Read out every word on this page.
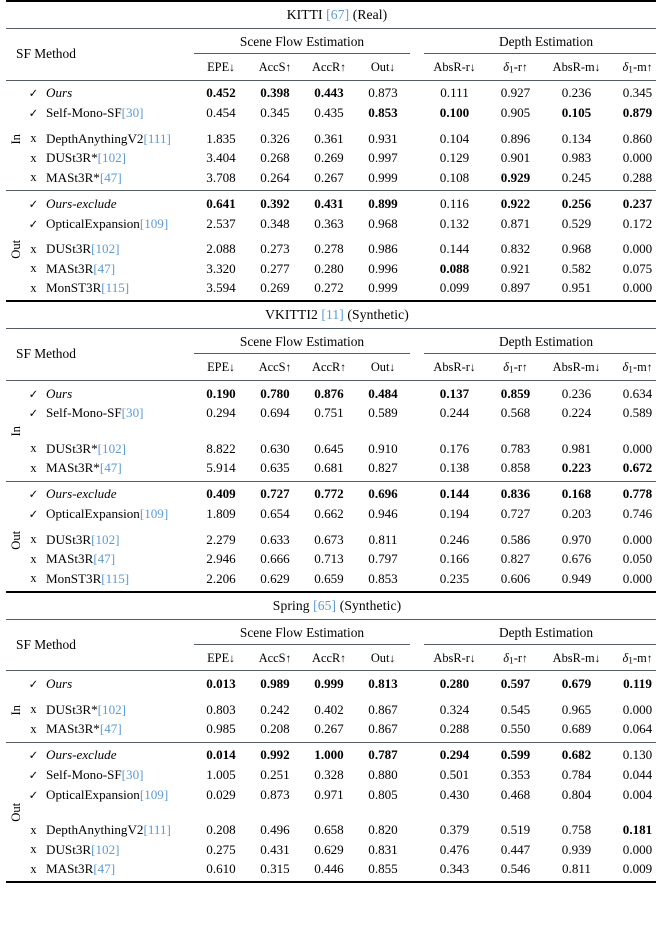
KITTI [67] (Real)											

SF Method			Scene Flow Estimation					Depth Estimation			

			EPE↓	AccS↑	AccR↑	Out↓		AbsR-r↓	δ1-r↑	AbsR-m↓	δ1-m↑

	✓	Ours	0.452	0.398	0.443	0.873		0.111	0.927	0.236	0.345
	✓	Self-Mono-SF[30]	0.454	0.345	0.435	0.853		0.100	0.905	0.105	0.879

In	x	DepthAnythingV2[111]	1.835	0.326	0.361	0.931		0.104	0.896	0.134	0.860
	x	DUSt3R*[102]	3.404	0.268	0.269	0.997		0.129	0.901	0.983	0.000
	x	MASt3R*[47]	3.708	0.264	0.267	0.999		0.108	0.929	0.245	0.288

	✓	Ours-exclude	0.641	0.392	0.431	0.899		0.116	0.922	0.256	0.237
	✓	OpticalExpansion[109]	2.537	0.348	0.363	0.968		0.132	0.871	0.529	0.172

Out	x	DUSt3R[102]	2.088	0.273	0.278	0.986		0.144	0.832	0.968	0.000
	x	MASt3R[47]	3.320	0.277	0.280	0.996		0.088	0.921	0.582	0.075
	x	MonST3R[115]	3.594	0.269	0.272	0.999		0.099	0.897	0.951	0.000

VKITTI2 [11] (Synthetic)											

SF Method			Scene Flow Estimation					Depth Estimation			

			EPE↓	AccS↑	AccR↑	Out↓		AbsR-r↓	δ1-r↑	AbsR-m↓	δ1-m↑

	✓	Ours	0.190	0.780	0.876	0.484		0.137	0.859	0.236	0.634
	✓	Self-Mono-SF[30]	0.294	0.694	0.751	0.589		0.244	0.568	0.224	0.589
In											
	x	DUSt3R*[102]	8.822	0.630	0.645	0.910		0.176	0.783	0.981	0.000
	x	MASt3R*[47]	5.914	0.635	0.681	0.827		0.138	0.858	0.223	0.672

	✓	Ours-exclude	0.409	0.727	0.772	0.696		0.144	0.836	0.168	0.778
	✓	OpticalExpansion[109]	1.809	0.654	0.662	0.946		0.194	0.727	0.203	0.746

Out	x	DUSt3R[102]	2.279	0.633	0.673	0.811		0.246	0.586	0.970	0.000
	x	MASt3R[47]	2.946	0.666	0.713	0.797		0.166	0.827	0.676	0.050
	x	MonST3R[115]	2.206	0.629	0.659	0.853		0.235	0.606	0.949	0.000

Spring [65] (Synthetic)											

SF Method			Scene Flow Estimation					Depth Estimation			

			EPE↓	AccS↑	AccR↑	Out↓		AbsR-r↓	δ1-r↑	AbsR-m↓	δ1-m↑

	✓	Ours	0.013	0.989	0.999	0.813		0.280	0.597	0.679	0.119

In	x	DUSt3R*[102]	0.803	0.242	0.402	0.867		0.324	0.545	0.965	0.000
	x	MASt3R*[47]	0.985	0.208	0.267	0.867		0.288	0.550	0.689	0.064

	✓	Ours-exclude	0.014	0.992	1.000	0.787		0.294	0.599	0.682	0.130
	✓	Self-Mono-SF[30]	1.005	0.251	0.328	0.880		0.501	0.353	0.784	0.044
	✓	OpticalExpansion[109]	0.029	0.873	0.971	0.805		0.430	0.468	0.804	0.004
Out											
	x	DepthAnythingV2[111]	0.208	0.496	0.658	0.820		0.379	0.519	0.758	0.181
	x	DUSt3R[102]	0.275	0.431	0.629	0.831		0.476	0.447	0.939	0.000
	x	MASt3R[47]	0.610	0.315	0.446	0.855		0.343	0.546	0.811	0.009
